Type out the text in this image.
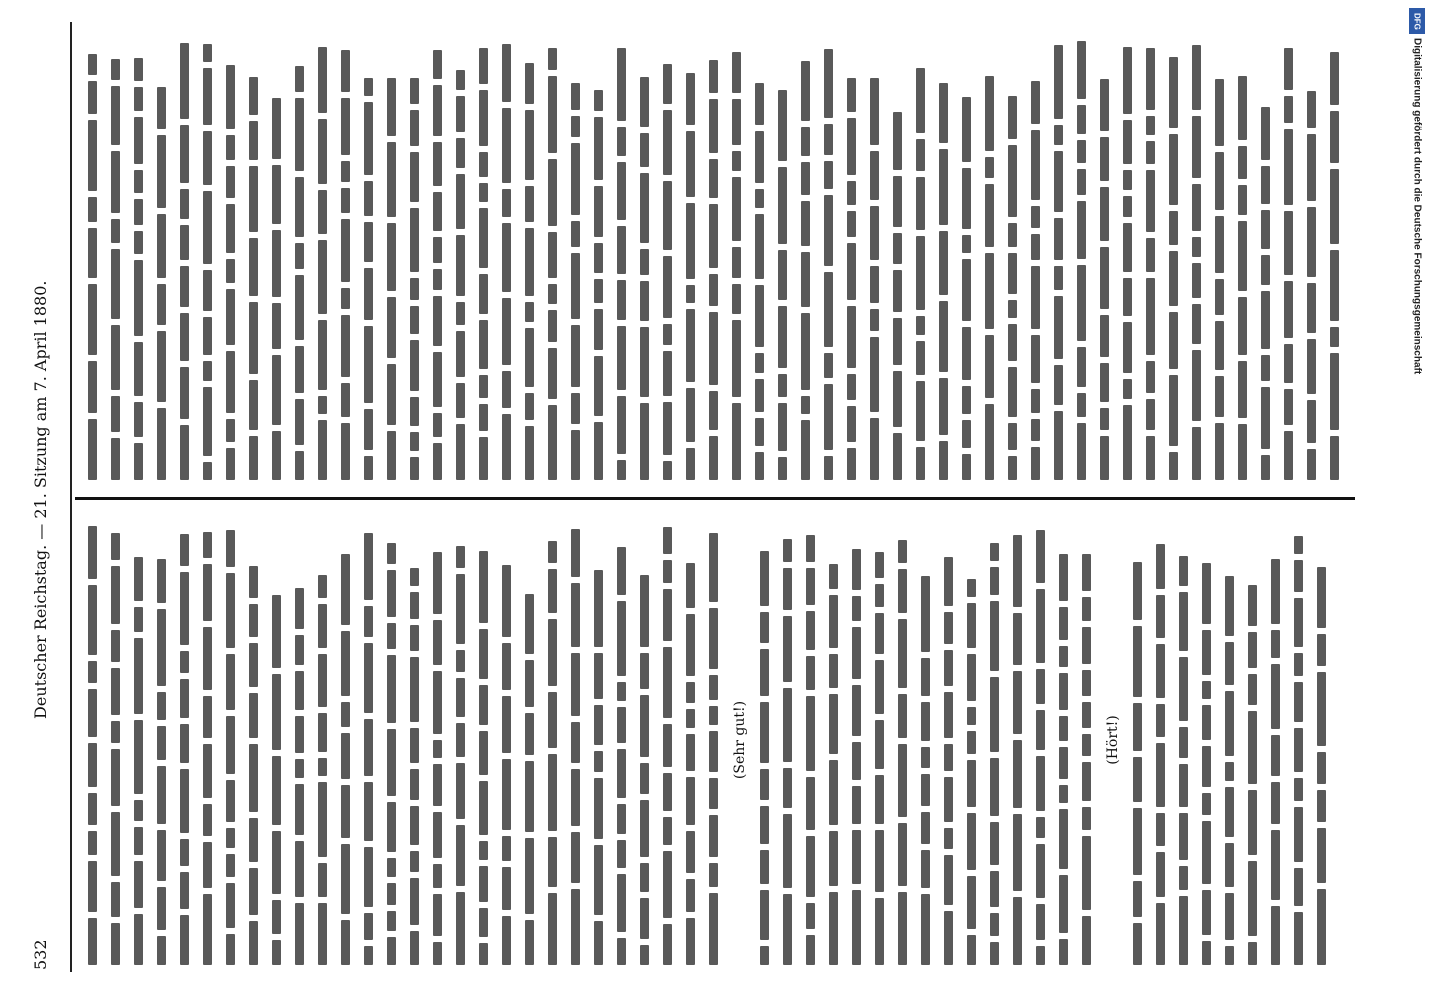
532
Deutscher Reichstag. — 21. Sitzung am 7. April 1880.
(Sehr gut!)	(Hört!)
DFG
Digitalisierung gefördert durch die Deutsche Forschungsgemeinschaft
